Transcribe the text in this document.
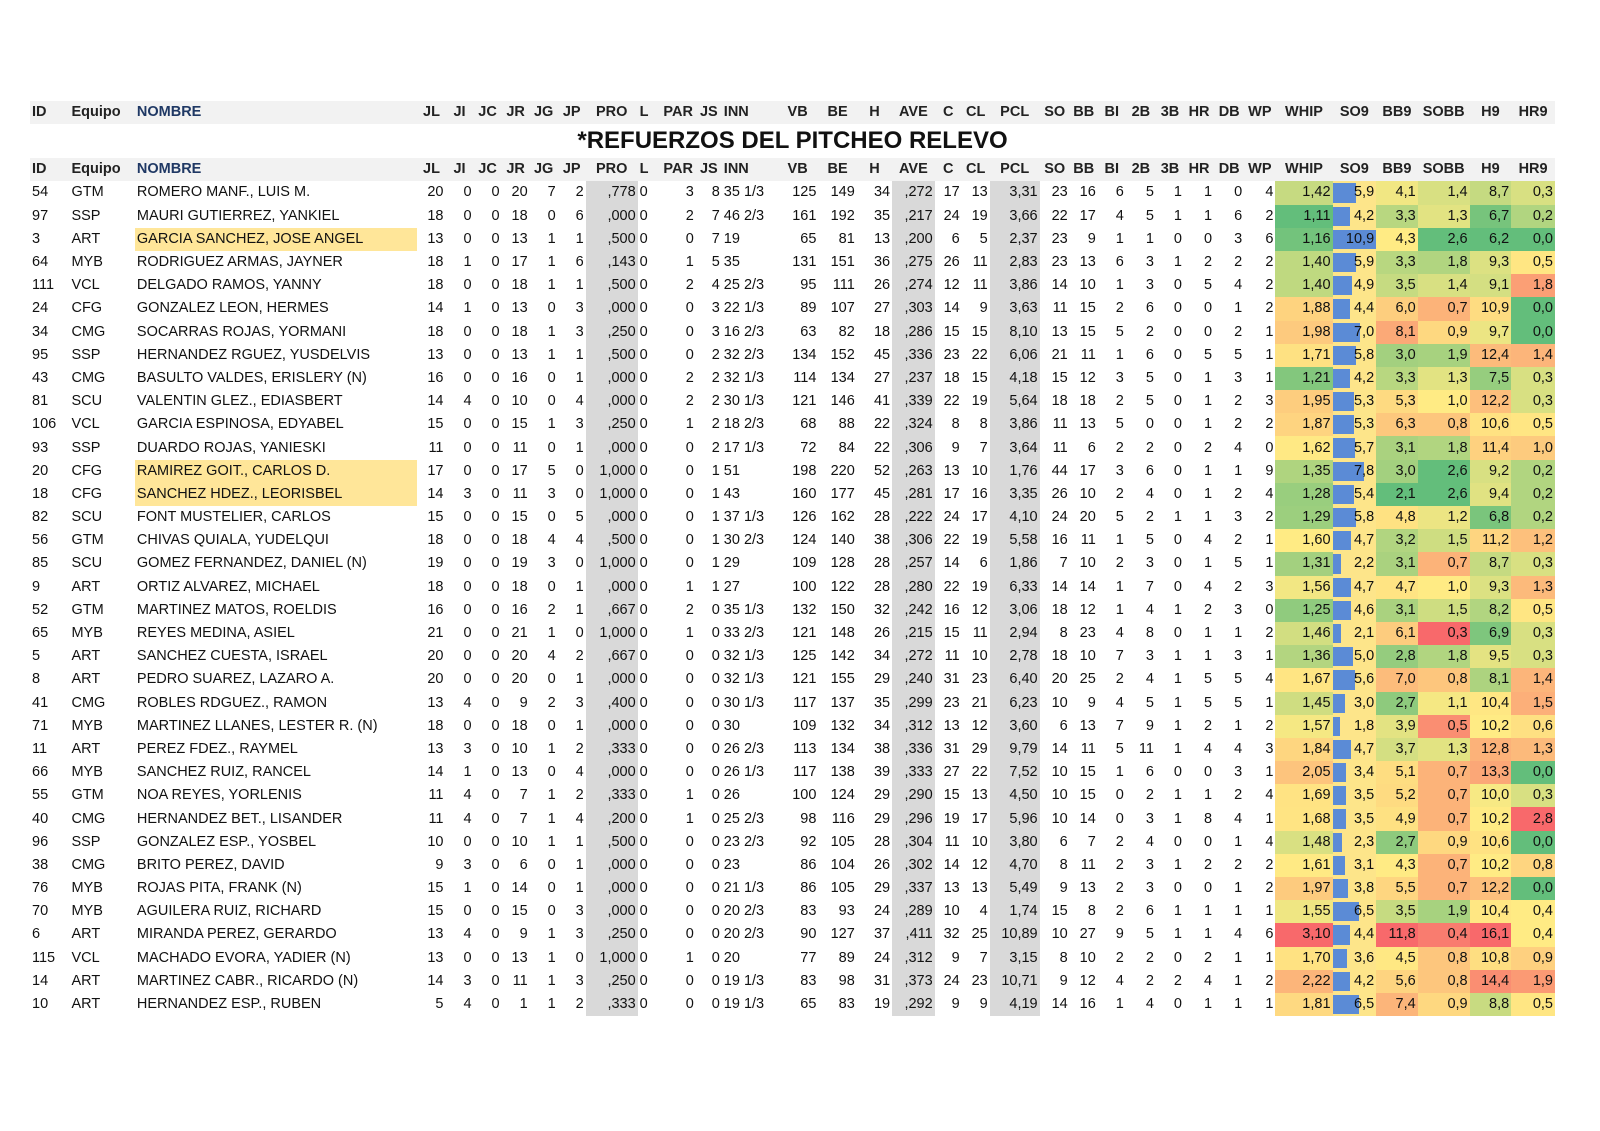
ID	Equipo	NOMBRE	JL	JI	JC	JR	JG	JP	PRO	L	PAR	JS	INN	VB	BE	H	AVE	C	CL	PCL	SO	BB	BI	2B	3B	HR	DB	WP	WHIP	SO9	BB9	SOBB	H9	HR9
*REFUERZOS DEL PITCHEO RELEVO																																		
ID	Equipo	NOMBRE	JL	JI	JC	JR	JG	JP	PRO	L	PAR	JS	INN	VB	BE	H	AVE	C	CL	PCL	SO	BB	BI	2B	3B	HR	DB	WP	WHIP	SO9	BB9	SOBB	H9	HR9
54	GTM	ROMERO MANF., LUIS M.	20	0	0	20	7	2	,778	0	3	8	35 1/3	125	149	34	,272	17	13	3,31	23	16	6	5	1	1	0	4	1,42	5,9	4,1	1,4	8,7	0,3
97	SSP	MAURI GUTIERREZ, YANKIEL	18	0	0	18	0	6	,000	0	2	7	46 2/3	161	192	35	,217	24	19	3,66	22	17	4	5	1	1	6	2	1,11	4,2	3,3	1,3	6,7	0,2
3	ART	GARCIA SANCHEZ, JOSE ANGEL	13	0	0	13	1	1	,500	0	0	7	19	65	81	13	,200	6	5	2,37	23	9	1	1	0	0	3	6	1,16	10,9	4,3	2,6	6,2	0,0
64	MYB	RODRIGUEZ ARMAS, JAYNER	18	1	0	17	1	6	,143	0	1	5	35	131	151	36	,275	26	11	2,83	23	13	6	3	1	2	2	2	1,40	5,9	3,3	1,8	9,3	0,5
111	VCL	DELGADO RAMOS, YANNY	18	0	0	18	1	1	,500	0	2	4	25 2/3	95	111	26	,274	12	11	3,86	14	10	1	3	0	5	4	2	1,40	4,9	3,5	1,4	9,1	1,8
24	CFG	GONZALEZ LEON, HERMES	14	1	0	13	0	3	,000	0	0	3	22 1/3	89	107	27	,303	14	9	3,63	11	15	2	6	0	0	1	2	1,88	4,4	6,0	0,7	10,9	0,0
34	CMG	SOCARRAS ROJAS, YORMANI	18	0	0	18	1	3	,250	0	0	3	16 2/3	63	82	18	,286	15	15	8,10	13	15	5	2	0	0	2	1	1,98	7,0	8,1	0,9	9,7	0,0
95	SSP	HERNANDEZ RGUEZ, YUSDELVIS	13	0	0	13	1	1	,500	0	0	2	32 2/3	134	152	45	,336	23	22	6,06	21	11	1	6	0	5	5	1	1,71	5,8	3,0	1,9	12,4	1,4
43	CMG	BASULTO VALDES, ERISLERY (N)	16	0	0	16	0	1	,000	0	2	2	32 1/3	114	134	27	,237	18	15	4,18	15	12	3	5	0	1	3	1	1,21	4,2	3,3	1,3	7,5	0,3
81	SCU	VALENTIN GLEZ., EDIASBERT	14	4	0	10	0	4	,000	0	2	2	30 1/3	121	146	41	,339	22	19	5,64	18	18	2	5	0	1	2	3	1,95	5,3	5,3	1,0	12,2	0,3
106	VCL	GARCIA ESPINOSA, EDYABEL	15	0	0	15	1	3	,250	0	1	2	18 2/3	68	88	22	,324	8	8	3,86	11	13	5	0	0	1	2	2	1,87	5,3	6,3	0,8	10,6	0,5
93	SSP	DUARDO ROJAS, YANIESKI	11	0	0	11	0	1	,000	0	0	2	17 1/3	72	84	22	,306	9	7	3,64	11	6	2	2	0	2	4	0	1,62	5,7	3,1	1,8	11,4	1,0
20	CFG	RAMIREZ GOIT., CARLOS D.	17	0	0	17	5	0	1,000	0	0	1	51	198	220	52	,263	13	10	1,76	44	17	3	6	0	1	1	9	1,35	7,8	3,0	2,6	9,2	0,2
18	CFG	SANCHEZ HDEZ., LEORISBEL	14	3	0	11	3	0	1,000	0	0	1	43	160	177	45	,281	17	16	3,35	26	10	2	4	0	1	2	4	1,28	5,4	2,1	2,6	9,4	0,2
82	SCU	FONT MUSTELIER, CARLOS	15	0	0	15	0	5	,000	0	0	1	37 1/3	126	162	28	,222	24	17	4,10	24	20	5	2	1	1	3	2	1,29	5,8	4,8	1,2	6,8	0,2
56	GTM	CHIVAS QUIALA, YUDELQUI	18	0	0	18	4	4	,500	0	0	1	30 2/3	124	140	38	,306	22	19	5,58	16	11	1	5	0	4	2	1	1,60	4,7	3,2	1,5	11,2	1,2
85	SCU	GOMEZ FERNANDEZ, DANIEL (N)	19	0	0	19	3	0	1,000	0	0	1	29	109	128	28	,257	14	6	1,86	7	10	2	3	0	1	5	1	1,31	2,2	3,1	0,7	8,7	0,3
9	ART	ORTIZ ALVAREZ, MICHAEL	18	0	0	18	0	1	,000	0	1	1	27	100	122	28	,280	22	19	6,33	14	14	1	7	0	4	2	3	1,56	4,7	4,7	1,0	9,3	1,3
52	GTM	MARTINEZ MATOS, ROELDIS	16	0	0	16	2	1	,667	0	2	0	35 1/3	132	150	32	,242	16	12	3,06	18	12	1	4	1	2	3	0	1,25	4,6	3,1	1,5	8,2	0,5
65	MYB	REYES MEDINA, ASIEL	21	0	0	21	1	0	1,000	0	1	0	33 2/3	121	148	26	,215	15	11	2,94	8	23	4	8	0	1	1	2	1,46	2,1	6,1	0,3	6,9	0,3
5	ART	SANCHEZ CUESTA, ISRAEL	20	0	0	20	4	2	,667	0	0	0	32 1/3	125	142	34	,272	11	10	2,78	18	10	7	3	1	1	3	1	1,36	5,0	2,8	1,8	9,5	0,3
8	ART	PEDRO SUAREZ, LAZARO A.	20	0	0	20	0	1	,000	0	0	0	32 1/3	121	155	29	,240	31	23	6,40	20	25	2	4	1	5	5	4	1,67	5,6	7,0	0,8	8,1	1,4
41	CMG	ROBLES RDGUEZ., RAMON	13	4	0	9	2	3	,400	0	0	0	30 1/3	117	137	35	,299	23	21	6,23	10	9	4	5	1	5	5	1	1,45	3,0	2,7	1,1	10,4	1,5
71	MYB	MARTINEZ LLANES, LESTER R. (N)	18	0	0	18	0	1	,000	0	0	0	30	109	132	34	,312	13	12	3,60	6	13	7	9	1	2	1	2	1,57	1,8	3,9	0,5	10,2	0,6
11	ART	PEREZ FDEZ., RAYMEL	13	3	0	10	1	2	,333	0	0	0	26 2/3	113	134	38	,336	31	29	9,79	14	11	5	11	1	4	4	3	1,84	4,7	3,7	1,3	12,8	1,3
66	MYB	SANCHEZ RUIZ, RANCEL	14	1	0	13	0	4	,000	0	0	0	26 1/3	117	138	39	,333	27	22	7,52	10	15	1	6	0	0	3	1	2,05	3,4	5,1	0,7	13,3	0,0
55	GTM	NOA REYES, YORLENIS	11	4	0	7	1	2	,333	0	1	0	26	100	124	29	,290	15	13	4,50	10	15	0	2	1	1	2	4	1,69	3,5	5,2	0,7	10,0	0,3
40	CMG	HERNANDEZ BET., LISANDER	11	4	0	7	1	4	,200	0	1	0	25 2/3	98	116	29	,296	19	17	5,96	10	14	0	3	1	8	4	1	1,68	3,5	4,9	0,7	10,2	2,8
96	SSP	GONZALEZ ESP., YOSBEL	10	0	0	10	1	1	,500	0	0	0	23 2/3	92	105	28	,304	11	10	3,80	6	7	2	4	0	0	1	4	1,48	2,3	2,7	0,9	10,6	0,0
38	CMG	BRITO PEREZ, DAVID	9	3	0	6	0	1	,000	0	0	0	23	86	104	26	,302	14	12	4,70	8	11	2	3	1	2	2	2	1,61	3,1	4,3	0,7	10,2	0,8
76	MYB	ROJAS PITA, FRANK (N)	15	1	0	14	0	1	,000	0	0	0	21 1/3	86	105	29	,337	13	13	5,49	9	13	2	3	0	0	1	2	1,97	3,8	5,5	0,7	12,2	0,0
70	MYB	AGUILERA RUIZ, RICHARD	15	0	0	15	0	3	,000	0	0	0	20 2/3	83	93	24	,289	10	4	1,74	15	8	2	6	1	1	1	1	1,55	6,5	3,5	1,9	10,4	0,4
6	ART	MIRANDA PEREZ, GERARDO	13	4	0	9	1	3	,250	0	0	0	20 2/3	90	127	37	,411	32	25	10,89	10	27	9	5	1	1	4	6	3,10	4,4	11,8	0,4	16,1	0,4
115	VCL	MACHADO EVORA, YADIER (N)	13	0	0	13	1	0	1,000	0	1	0	20	77	89	24	,312	9	7	3,15	8	10	2	2	0	2	1	1	1,70	3,6	4,5	0,8	10,8	0,9
14	ART	MARTINEZ CABR., RICARDO (N)	14	3	0	11	1	3	,250	0	0	0	19 1/3	83	98	31	,373	24	23	10,71	9	12	4	2	2	4	1	2	2,22	4,2	5,6	0,8	14,4	1,9
10	ART	HERNANDEZ ESP., RUBEN	5	4	0	1	1	2	,333	0	0	0	19 1/3	65	83	19	,292	9	9	4,19	14	16	1	4	0	1	1	1	1,81	6,5	7,4	0,9	8,8	0,5
